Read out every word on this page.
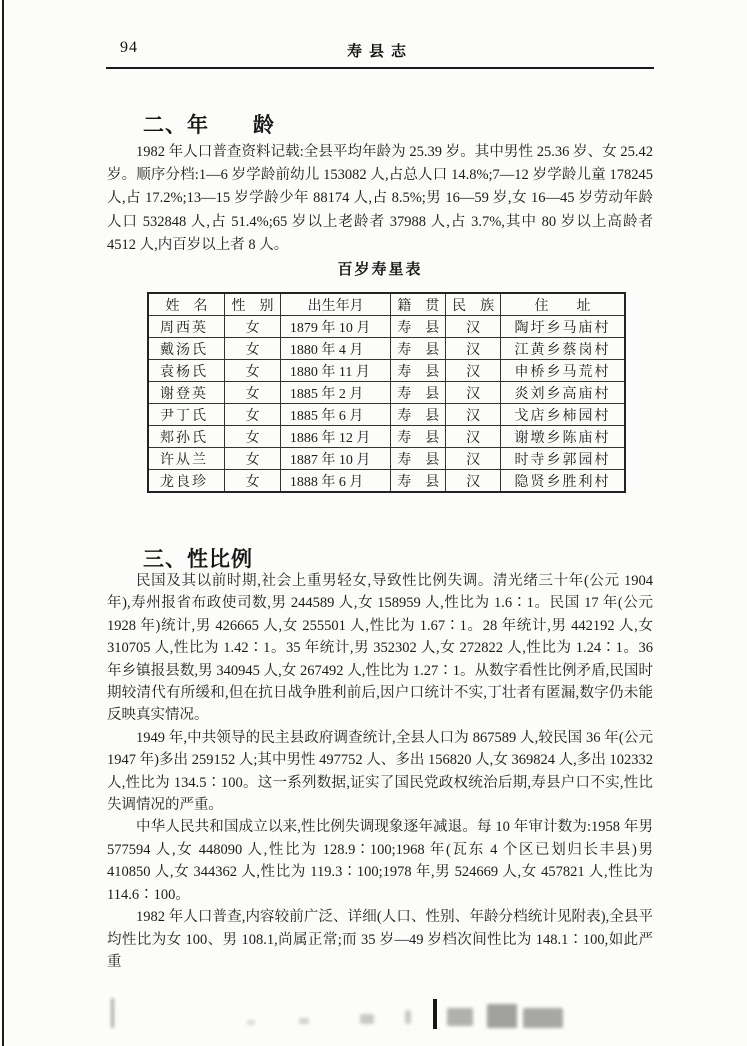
94	寿县志
二、年　　龄

1982 年人口普查资料记载:全县平均年龄为 25.39 岁。其中男性 25.36 岁、女 25.42 岁。顺序分档:1—6 岁学龄前幼儿 153082 人,占总人口 14.8%;7—12 岁学龄儿童 178245 人,占 17.2%;13—15 岁学龄少年 88174 人,占 8.5%;男 16—59 岁,女 16—45 岁劳动年龄人口 532848 人,占 51.4%;65 岁以上老龄者 37988 人,占 3.7%,其中 80 岁以上高龄者 4512 人,内百岁以上者 8 人。

百岁寿星表
姓　名	性　别	出生年月	籍　贯	民　族	住　　址
周西英	女	1879 年 10 月	寿　县	汉	陶圩乡马庙村
戴汤氏	女	1880 年 4 月	寿　县	汉	江黄乡蔡岗村
袁杨氏	女	1880 年 11 月	寿　县	汉	申桥乡马荒村
谢登英	女	1885 年 2 月	寿　县	汉	炎刘乡高庙村
尹丁氏	女	1885 年 6 月	寿　县	汉	戈店乡柿园村
郏孙氏	女	1886 年 12 月	寿　县	汉	谢墩乡陈庙村
许从兰	女	1887 年 10 月	寿　县	汉	时寺乡郭园村
龙良珍	女	1888 年 6 月	寿　县	汉	隐贤乡胜利村
三、性比例

民国及其以前时期,社会上重男轻女,导致性比例失调。清光绪三十年(公元 1904 年),寿州报省布政使司数,男 244589 人,女 158959 人,性比为 1.6∶1。民国 17 年(公元 1928 年)统计,男 426665 人,女 255501 人,性比为 1.67∶1。28 年统计,男 442192 人,女 310705 人,性比为 1.42∶1。35 年统计,男 352302 人,女 272822 人,性比为 1.24∶1。36 年乡镇报县数,男 340945 人,女 267492 人,性比为 1.27∶1。从数字看性比例矛盾,民国时期较清代有所缓和,但在抗日战争胜利前后,因户口统计不实,丁壮者有匿漏,数字仍未能反映真实情况。

1949 年,中共领导的民主县政府调查统计,全县人口为 867589 人,较民国 36 年(公元 1947 年)多出 259152 人;其中男性 497752 人、多出 156820 人,女 369824 人,多出 102332 人,性比为 134.5∶100。这一系列数据,证实了国民党政权统治后期,寿县户口不实,性比失调情况的严重。

中华人民共和国成立以来,性比例失调现象逐年减退。每 10 年审计数为:1958 年男 577594 人,女 448090 人,性比为 128.9∶100;1968 年(瓦东 4 个区已划归长丰县)男 410850 人,女 344362 人,性比为 119.3∶100;1978 年,男 524669 人,女 457821 人,性比为 114.6∶100。

1982 年人口普查,内容较前广泛、详细(人口、性别、年龄分档统计见附表),全县平均性比为女 100、男 108.1,尚属正常;而 35 岁—49 岁档次间性比为 148.1∶100,如此严重
